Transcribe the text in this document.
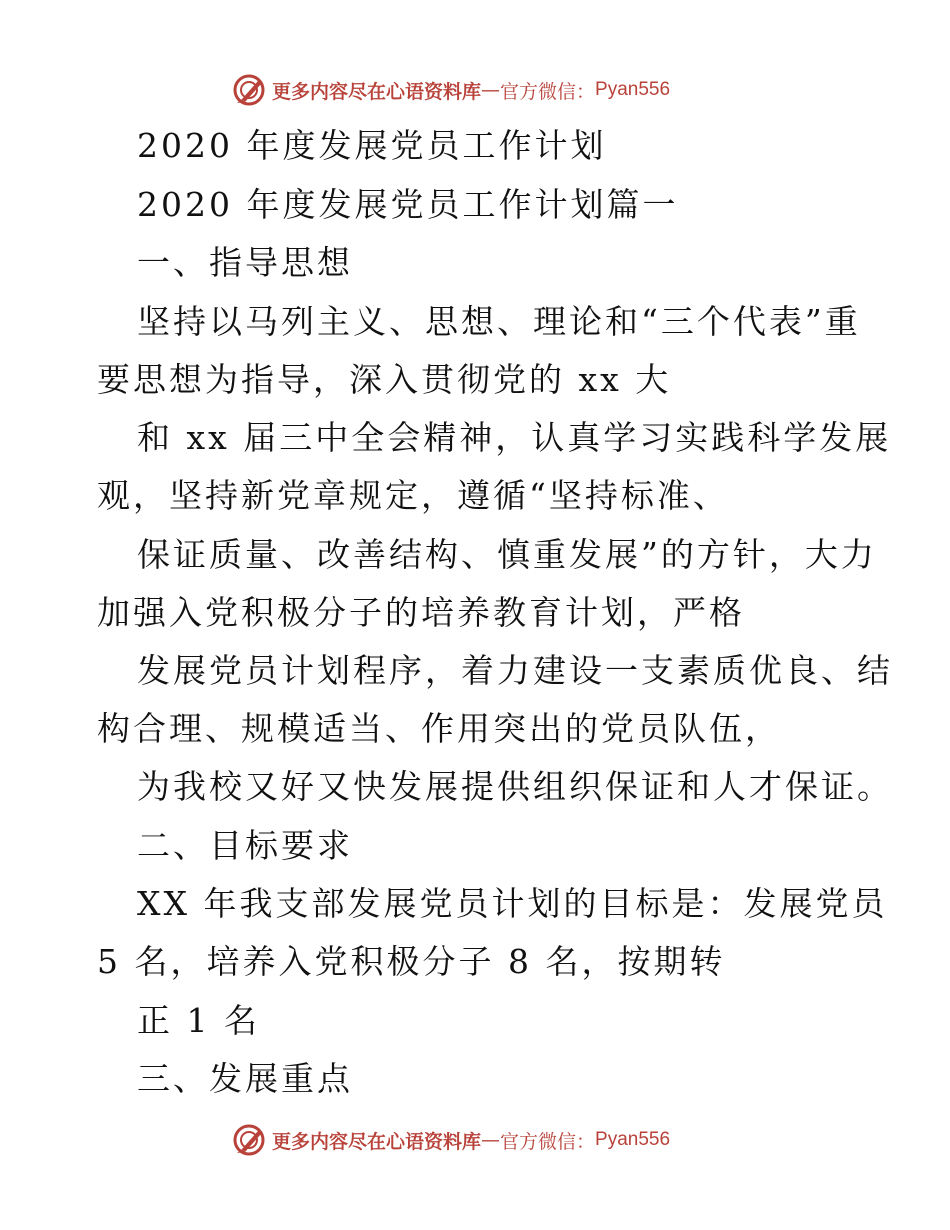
更多内容尽在心语资料库 — 官方微信： Pyan556
2020 年度发展党员工作计划
2020 年度发展党员工作计划篇一
一、指导思想
坚持以马列主义、思想、理论和“三个代表”重
要思想为指导，深入贯彻党的 xx 大
和 xx 届三中全会精神，认真学习实践科学发展
观，坚持新党章规定，遵循“坚持标准、
保证质量、改善结构、慎重发展”的方针，大力
加强入党积极分子的培养教育计划，严格
发展党员计划程序，着力建设一支素质优良、结
构合理、规模适当、作用突出的党员队伍，
为我校又好又快发展提供组织保证和人才保证。
二、目标要求
XX 年我支部发展党员计划的目标是：发展党员
5 名，培养入党积极分子 8 名，按期转
正 1 名
三、发展重点
更多内容尽在心语资料库 — 官方微信： Pyan556
